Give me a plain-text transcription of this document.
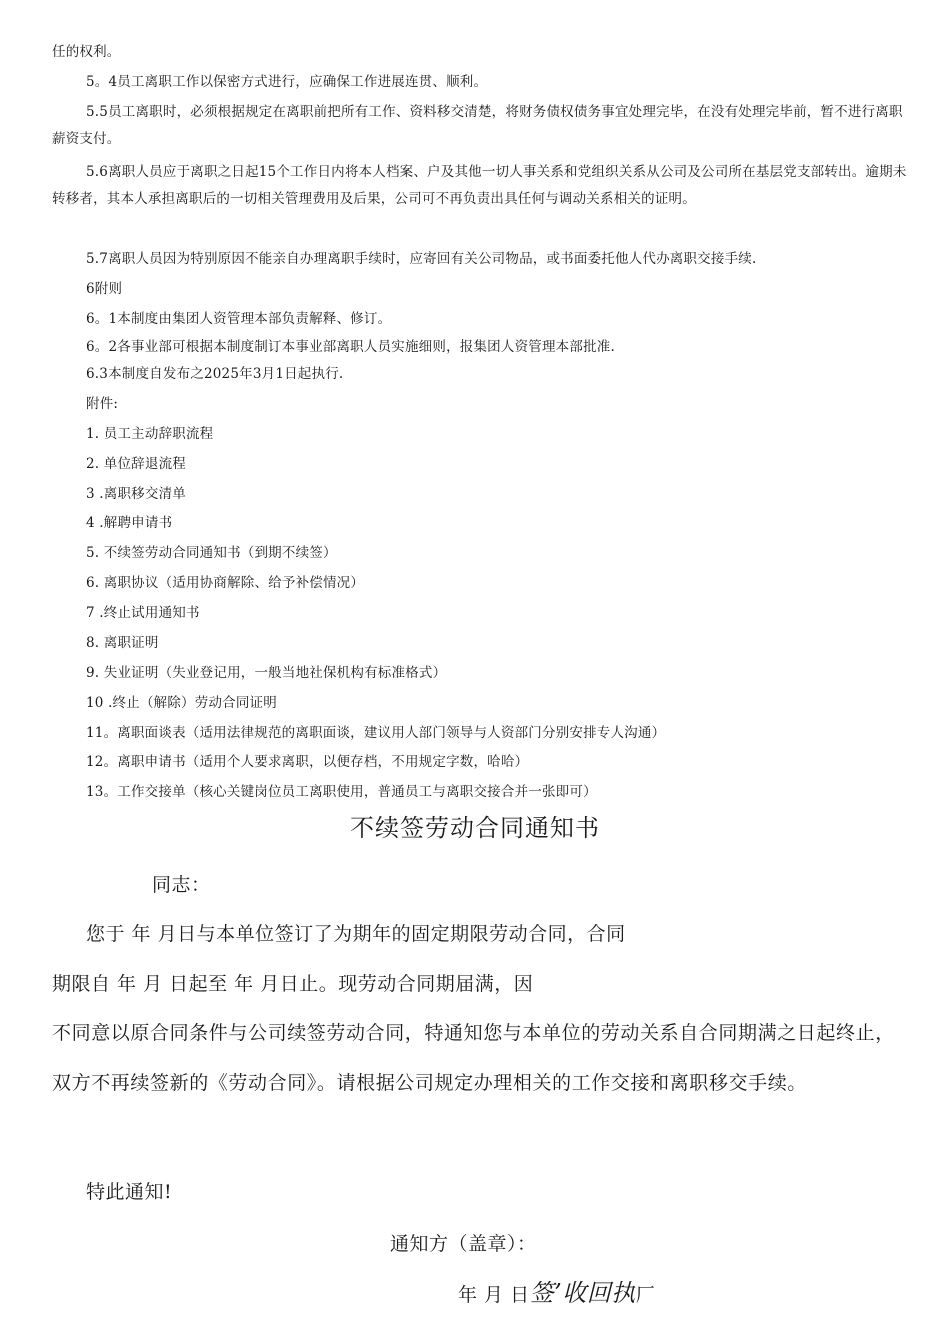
任的权利。
5。4员工离职工作以保密方式进行，应确保工作进展连贯、顺利。
5.5员工离职时，必须根据规定在离职前把所有工作、资料移交清楚，将财务债权债务事宜处理完毕，在没有处理完毕前，暂不进行离职薪资支付。
5.6离职人员应于离职之日起15个工作日内将本人档案、户及其他一切人事关系和党组织关系从公司及公司所在基层党支部转出。逾期未转移者，其本人承担离职后的一切相关管理费用及后果，公司可不再负责出具任何与调动关系相关的证明。
5.7离职人员因为特别原因不能亲自办理离职手续时，应寄回有关公司物品，或书面委托他人代办离职交接手续.
6附则
6。1本制度由集团人资管理本部负责解释、修订。
6。2各事业部可根据本制度制订本事业部离职人员实施细则，报集团人资管理本部批准.
6.3本制度自发布之2025年3月1日起执行.
附件:
1. 员工主动辞职流程
2. 单位辞退流程
3 .离职移交清单
4 .解聘申请书
5. 不续签劳动合同通知书（到期不续签）
6. 离职协议（适用协商解除、给予补偿情况）
7 .终止试用通知书
8. 离职证明
9. 失业证明（失业登记用，一般当地社保机构有标准格式）
10 .终止（解除）劳动合同证明
11。离职面谈表（适用法律规范的离职面谈，建议用人部门领导与人资部门分别安排专人沟通）
12。离职申请书（适用个人要求离职，以便存档，不用规定字数，哈哈）
13。工作交接单（核心关键岗位员工离职使用，普通员工与离职交接合并一张即可）
不续签劳动合同通知书
同志：
您于 年 月日与本单位签订了为期年的固定期限劳动合同，合同
期限自 年 月 日起至 年 月日止。现劳动合同期届满，因
不同意以原合同条件与公司续签劳动合同，特通知您与本单位的劳动关系自合同期满之日起终止，双方不再续签新的《劳动合同》。请根据公司规定办理相关的工作交接和离职移交手续。
特此通知!
通知方（盖章）：
年 月 日签’收回执厂
